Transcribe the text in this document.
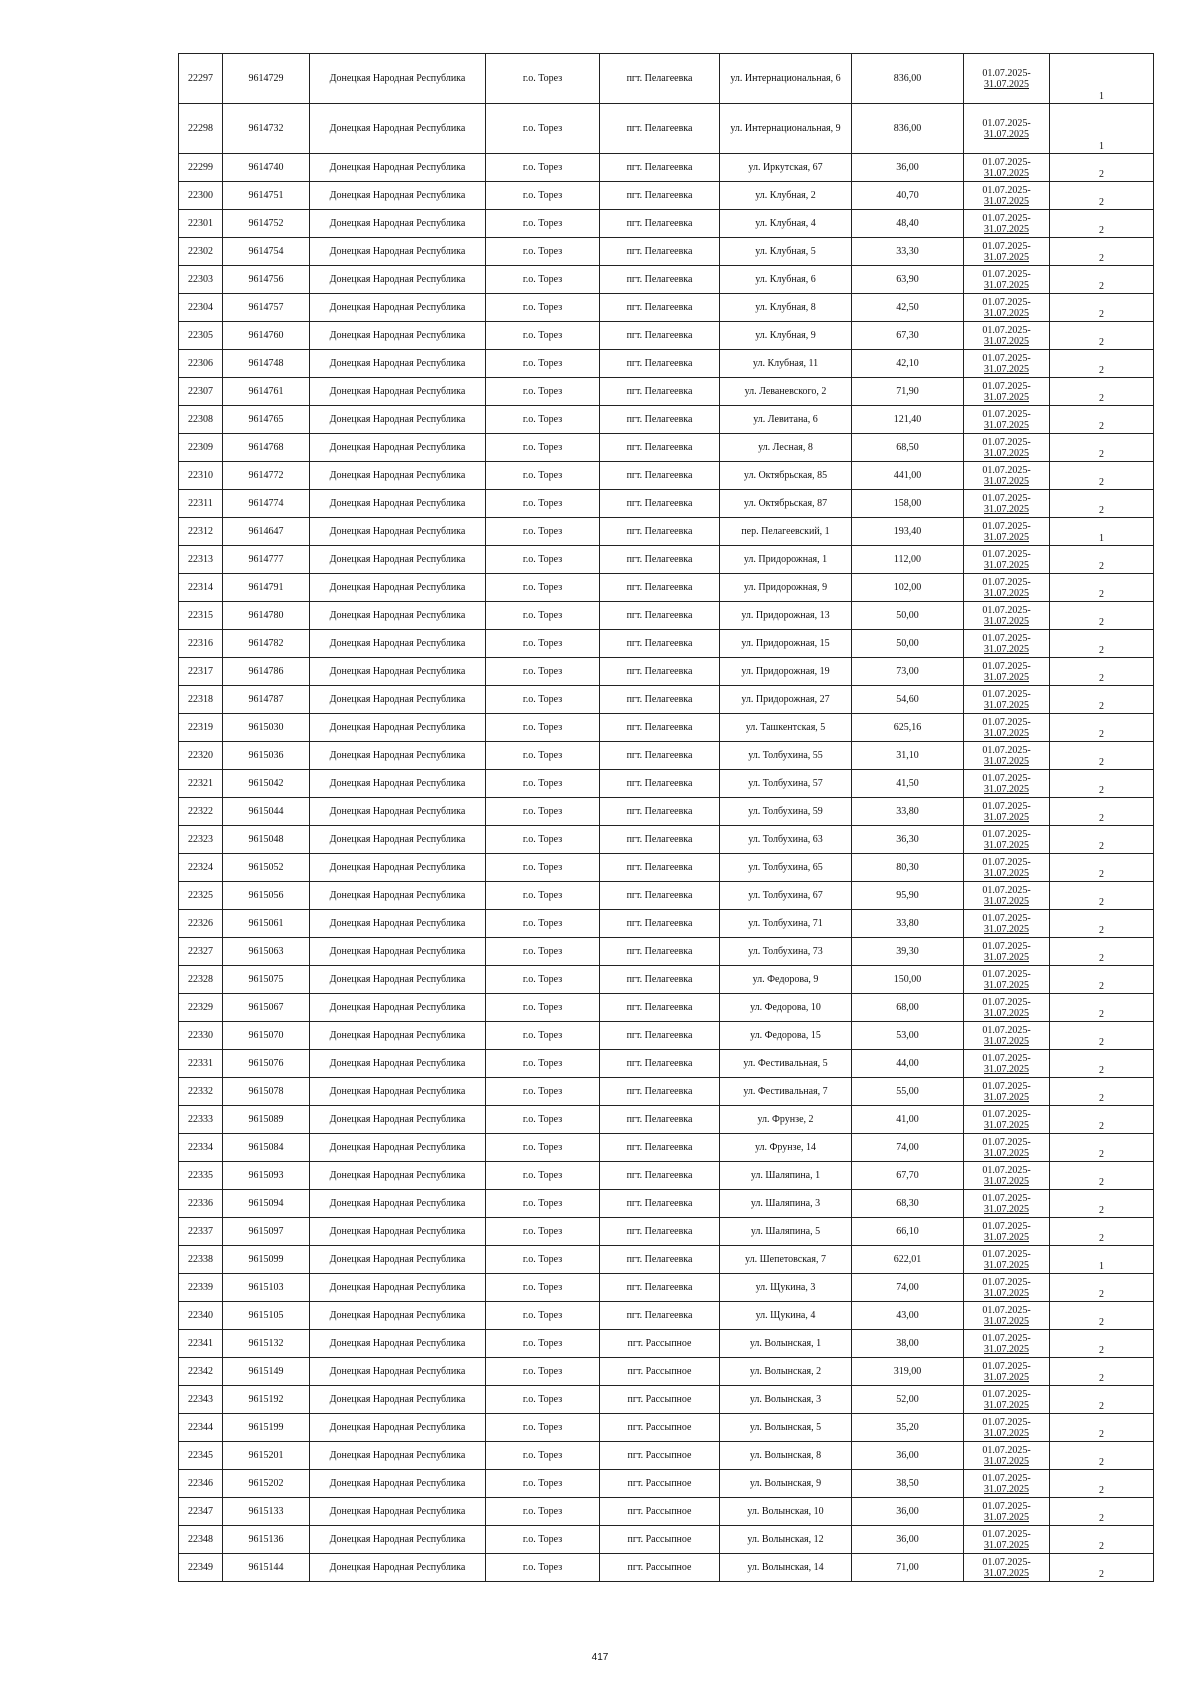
22297	9614729	Донецкая Народная Республика	г.о. Торез	пгт. Пелагеевка	ул. Интернациональная, 6	836,00	01.07.2025-
31.07.2025	1
22298	9614732	Донецкая Народная Республика	г.о. Торез	пгт. Пелагеевка	ул. Интернациональная, 9	836,00	01.07.2025-
31.07.2025	1
22299	9614740	Донецкая Народная Республика	г.о. Торез	пгт. Пелагеевка	ул. Иркутская, 67	36,00	01.07.2025-
31.07.2025	2
22300	9614751	Донецкая Народная Республика	г.о. Торез	пгт. Пелагеевка	ул. Клубная, 2	40,70	01.07.2025-
31.07.2025	2
22301	9614752	Донецкая Народная Республика	г.о. Торез	пгт. Пелагеевка	ул. Клубная, 4	48,40	01.07.2025-
31.07.2025	2
22302	9614754	Донецкая Народная Республика	г.о. Торез	пгт. Пелагеевка	ул. Клубная, 5	33,30	01.07.2025-
31.07.2025	2
22303	9614756	Донецкая Народная Республика	г.о. Торез	пгт. Пелагеевка	ул. Клубная, 6	63,90	01.07.2025-
31.07.2025	2
22304	9614757	Донецкая Народная Республика	г.о. Торез	пгт. Пелагеевка	ул. Клубная, 8	42,50	01.07.2025-
31.07.2025	2
22305	9614760	Донецкая Народная Республика	г.о. Торез	пгт. Пелагеевка	ул. Клубная, 9	67,30	01.07.2025-
31.07.2025	2
22306	9614748	Донецкая Народная Республика	г.о. Торез	пгт. Пелагеевка	ул. Клубная, 11	42,10	01.07.2025-
31.07.2025	2
22307	9614761	Донецкая Народная Республика	г.о. Торез	пгт. Пелагеевка	ул. Леваневского, 2	71,90	01.07.2025-
31.07.2025	2
22308	9614765	Донецкая Народная Республика	г.о. Торез	пгт. Пелагеевка	ул. Левитана, 6	121,40	01.07.2025-
31.07.2025	2
22309	9614768	Донецкая Народная Республика	г.о. Торез	пгт. Пелагеевка	ул. Лесная, 8	68,50	01.07.2025-
31.07.2025	2
22310	9614772	Донецкая Народная Республика	г.о. Торез	пгт. Пелагеевка	ул. Октябрьская, 85	441,00	01.07.2025-
31.07.2025	2
22311	9614774	Донецкая Народная Республика	г.о. Торез	пгт. Пелагеевка	ул. Октябрьская, 87	158,00	01.07.2025-
31.07.2025	2
22312	9614647	Донецкая Народная Республика	г.о. Торез	пгт. Пелагеевка	пер. Пелагеевский, 1	193,40	01.07.2025-
31.07.2025	1
22313	9614777	Донецкая Народная Республика	г.о. Торез	пгт. Пелагеевка	ул. Придорожная, 1	112,00	01.07.2025-
31.07.2025	2
22314	9614791	Донецкая Народная Республика	г.о. Торез	пгт. Пелагеевка	ул. Придорожная, 9	102,00	01.07.2025-
31.07.2025	2
22315	9614780	Донецкая Народная Республика	г.о. Торез	пгт. Пелагеевка	ул. Придорожная, 13	50,00	01.07.2025-
31.07.2025	2
22316	9614782	Донецкая Народная Республика	г.о. Торез	пгт. Пелагеевка	ул. Придорожная, 15	50,00	01.07.2025-
31.07.2025	2
22317	9614786	Донецкая Народная Республика	г.о. Торез	пгт. Пелагеевка	ул. Придорожная, 19	73,00	01.07.2025-
31.07.2025	2
22318	9614787	Донецкая Народная Республика	г.о. Торез	пгт. Пелагеевка	ул. Придорожная, 27	54,60	01.07.2025-
31.07.2025	2
22319	9615030	Донецкая Народная Республика	г.о. Торез	пгт. Пелагеевка	ул. Ташкентская, 5	625,16	01.07.2025-
31.07.2025	2
22320	9615036	Донецкая Народная Республика	г.о. Торез	пгт. Пелагеевка	ул. Толбухина, 55	31,10	01.07.2025-
31.07.2025	2
22321	9615042	Донецкая Народная Республика	г.о. Торез	пгт. Пелагеевка	ул. Толбухина, 57	41,50	01.07.2025-
31.07.2025	2
22322	9615044	Донецкая Народная Республика	г.о. Торез	пгт. Пелагеевка	ул. Толбухина, 59	33,80	01.07.2025-
31.07.2025	2
22323	9615048	Донецкая Народная Республика	г.о. Торез	пгт. Пелагеевка	ул. Толбухина, 63	36,30	01.07.2025-
31.07.2025	2
22324	9615052	Донецкая Народная Республика	г.о. Торез	пгт. Пелагеевка	ул. Толбухина, 65	80,30	01.07.2025-
31.07.2025	2
22325	9615056	Донецкая Народная Республика	г.о. Торез	пгт. Пелагеевка	ул. Толбухина, 67	95,90	01.07.2025-
31.07.2025	2
22326	9615061	Донецкая Народная Республика	г.о. Торез	пгт. Пелагеевка	ул. Толбухина, 71	33,80	01.07.2025-
31.07.2025	2
22327	9615063	Донецкая Народная Республика	г.о. Торез	пгт. Пелагеевка	ул. Толбухина, 73	39,30	01.07.2025-
31.07.2025	2
22328	9615075	Донецкая Народная Республика	г.о. Торез	пгт. Пелагеевка	ул. Федорова, 9	150,00	01.07.2025-
31.07.2025	2
22329	9615067	Донецкая Народная Республика	г.о. Торез	пгт. Пелагеевка	ул. Федорова, 10	68,00	01.07.2025-
31.07.2025	2
22330	9615070	Донецкая Народная Республика	г.о. Торез	пгт. Пелагеевка	ул. Федорова, 15	53,00	01.07.2025-
31.07.2025	2
22331	9615076	Донецкая Народная Республика	г.о. Торез	пгт. Пелагеевка	ул. Фестивальная, 5	44,00	01.07.2025-
31.07.2025	2
22332	9615078	Донецкая Народная Республика	г.о. Торез	пгт. Пелагеевка	ул. Фестивальная, 7	55,00	01.07.2025-
31.07.2025	2
22333	9615089	Донецкая Народная Республика	г.о. Торез	пгт. Пелагеевка	ул. Фрунзе, 2	41,00	01.07.2025-
31.07.2025	2
22334	9615084	Донецкая Народная Республика	г.о. Торез	пгт. Пелагеевка	ул. Фрунзе, 14	74,00	01.07.2025-
31.07.2025	2
22335	9615093	Донецкая Народная Республика	г.о. Торез	пгт. Пелагеевка	ул. Шаляпина, 1	67,70	01.07.2025-
31.07.2025	2
22336	9615094	Донецкая Народная Республика	г.о. Торез	пгт. Пелагеевка	ул. Шаляпина, 3	68,30	01.07.2025-
31.07.2025	2
22337	9615097	Донецкая Народная Республика	г.о. Торез	пгт. Пелагеевка	ул. Шаляпина, 5	66,10	01.07.2025-
31.07.2025	2
22338	9615099	Донецкая Народная Республика	г.о. Торез	пгт. Пелагеевка	ул. Шепетовская, 7	622,01	01.07.2025-
31.07.2025	1
22339	9615103	Донецкая Народная Республика	г.о. Торез	пгт. Пелагеевка	ул. Щукина, 3	74,00	01.07.2025-
31.07.2025	2
22340	9615105	Донецкая Народная Республика	г.о. Торез	пгт. Пелагеевка	ул. Щукина, 4	43,00	01.07.2025-
31.07.2025	2
22341	9615132	Донецкая Народная Республика	г.о. Торез	пгт. Рассыпное	ул. Волынская, 1	38,00	01.07.2025-
31.07.2025	2
22342	9615149	Донецкая Народная Республика	г.о. Торез	пгт. Рассыпное	ул. Волынская, 2	319,00	01.07.2025-
31.07.2025	2
22343	9615192	Донецкая Народная Республика	г.о. Торез	пгт. Рассыпное	ул. Волынская, 3	52,00	01.07.2025-
31.07.2025	2
22344	9615199	Донецкая Народная Республика	г.о. Торез	пгт. Рассыпное	ул. Волынская, 5	35,20	01.07.2025-
31.07.2025	2
22345	9615201	Донецкая Народная Республика	г.о. Торез	пгт. Рассыпное	ул. Волынская, 8	36,00	01.07.2025-
31.07.2025	2
22346	9615202	Донецкая Народная Республика	г.о. Торез	пгт. Рассыпное	ул. Волынская, 9	38,50	01.07.2025-
31.07.2025	2
22347	9615133	Донецкая Народная Республика	г.о. Торез	пгт. Рассыпное	ул. Волынская, 10	36,00	01.07.2025-
31.07.2025	2
22348	9615136	Донецкая Народная Республика	г.о. Торез	пгт. Рассыпное	ул. Волынская, 12	36,00	01.07.2025-
31.07.2025	2
22349	9615144	Донецкая Народная Республика	г.о. Торез	пгт. Рассыпное	ул. Волынская, 14	71,00	01.07.2025-
31.07.2025	2
417
